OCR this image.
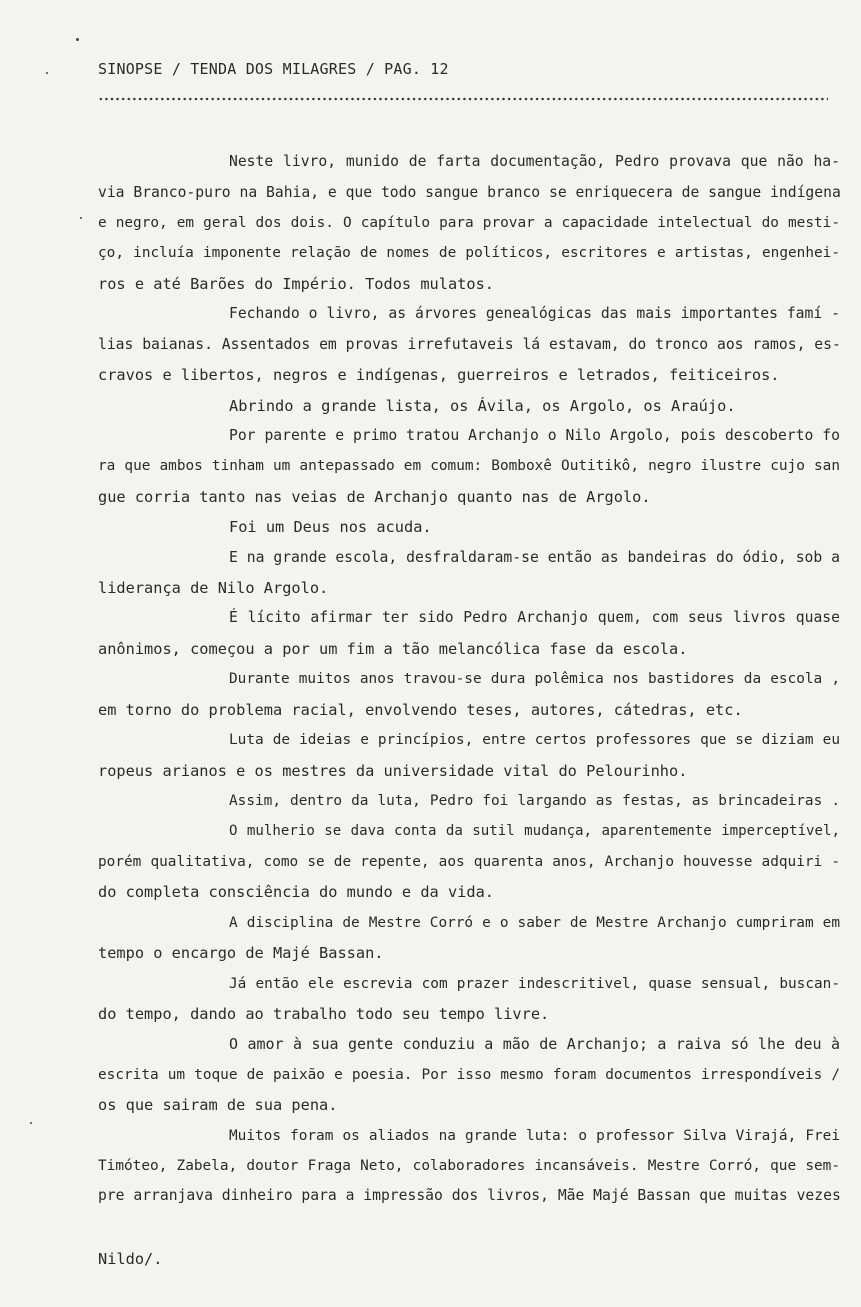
SINOPSE / TENDA DOS MILAGRES / PAG. 12
Neste livro, munido de farta documentação, Pedro provava que não ha-
via Branco-puro na Bahia, e que todo sangue branco se enriquecera de sangue indígena
e negro, em geral dos dois. O capítulo para provar a capacidade intelectual do mesti-
ço, incluía imponente relação de nomes de políticos, escritores e artistas, engenhei-
ros e até Barões do Império. Todos mulatos.
Fechando o livro, as árvores genealógicas das mais importantes famí -
lias baianas. Assentados em provas irrefutaveis lá estavam, do tronco aos ramos, es-
cravos e libertos, negros e indígenas, guerreiros e letrados, feiticeiros.
Abrindo a grande lista, os Ávila, os Argolo, os Araújo.
Por parente e primo tratou Archanjo o Nilo Argolo, pois descoberto fo
ra que ambos tinham um antepassado em comum: Bomboxê Outitikô, negro ilustre cujo san
gue corria tanto nas veias de Archanjo quanto nas de Argolo.
Foi um Deus nos acuda.
E na grande escola, desfraldaram-se então as bandeiras do ódio, sob a
liderança de Nilo Argolo.
É lícito afirmar ter sido Pedro Archanjo quem, com seus livros quase
anônimos, começou a por um fim a tão melancólica fase da escola.
Durante muitos anos travou-se dura polêmica nos bastidores da escola ,
em torno do problema racial, envolvendo teses, autores, cátedras, etc.
Luta de ideias e princípios, entre certos professores que se diziam eu
ropeus arianos e os mestres da universidade vital do Pelourinho.
Assim, dentro da luta, Pedro foi largando as festas, as brincadeiras .
O mulherio se dava conta da sutil mudança, aparentemente imperceptível,
porém qualitativa, como se de repente, aos quarenta anos, Archanjo houvesse adquiri -
do completa consciência do mundo e da vida.
A disciplina de Mestre Corró e o saber de Mestre Archanjo cumpriram em
tempo o encargo de Majé Bassan.
Já então ele escrevia com prazer indescritivel, quase sensual, buscan-
do tempo, dando ao trabalho todo seu tempo livre.
O amor à sua gente conduziu a mão de Archanjo; a raiva só lhe deu à
escrita um toque de paixão e poesia. Por isso mesmo foram documentos irrespondíveis /
os que sairam de sua pena.
Muitos foram os aliados na grande luta: o professor Silva Virajá, Frei
Timóteo, Zabela, doutor Fraga Neto, colaboradores incansáveis. Mestre Corró, que sem-
pre arranjava dinheiro para a impressão dos livros, Mãe Majé Bassan que muitas vezes
Nildo/.
